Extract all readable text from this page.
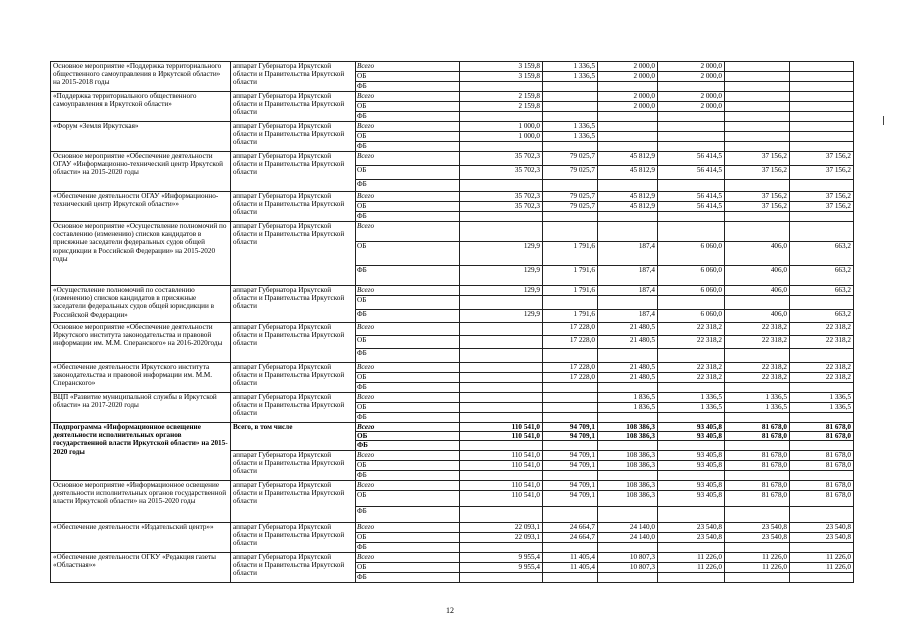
Основное мероприятие «Поддержка территориального общественного самоуправления в Иркутской области» на 2015-2018 годы	аппарат Губернатора Иркутской области и Правительства Иркутской области	Всего	3 159,8	1 336,5	2 000,0	2 000,0		
		ОБ	3 159,8	1 336,5	2 000,0	2 000,0		
		ФБ						
«Поддержка территориального общественного самоуправления в Иркутской области»	аппарат Губернатора Иркутской области и Правительства Иркутской области	Всего	2 159,8		2 000,0	2 000,0		
		ОБ	2 159,8		2 000,0	2 000,0		
		ФБ						
«Форум «Земля Иркутская»	аппарат Губернатора Иркутской области и Правительства Иркутской области	Всего	1 000,0	1 336,5				
		ОБ	1 000,0	1 336,5				
		ФБ						
Основное мероприятие «Обеспечение деятельности ОГАУ «Информационно-технический центр Иркутской области» на 2015-2020 годы	аппарат Губернатора Иркутской области и Правительства Иркутской области	Всего	35 702,3	79 025,7	45 812,9	56 414,5	37 156,2	37 156,2
		ОБ	35 702,3	79 025,7	45 812,9	56 414,5	37 156,2	37 156,2
		ФБ						
«Обеспечение деятельности ОГАУ «Информационно-технический центр Иркутской области»»	аппарат Губернатора Иркутской области и Правительства Иркутской области	Всего	35 702,3	79 025,7	45 812,9	56 414,5	37 156,2	37 156,2
		ОБ	35 702,3	79 025,7	45 812,9	56 414,5	37 156,2	37 156,2
		ФБ						
Основное мероприятие «Осуществление полномочий по составлению (изменению) списков кандидатов в присяжные заседатели федеральных судов общей юрисдикции в Российской Федерации» на 2015-2020 годы	аппарат Губернатора Иркутской области и Правительства Иркутской области	Всего						
		ОБ	129,9	1 791,6	187,4	6 060,0	406,0	663,2
		ФБ	129,9	1 791,6	187,4	6 060,0	406,0	663,2
«Осуществление полномочий по составлению (изменению) списков кандидатов в присяжные заседатели федеральных судов общей юрисдикции в Российской Федерации»	аппарат Губернатора Иркутской области и Правительства Иркутской области	Всего	129,9	1 791,6	187,4	6 060,0	406,0	663,2
		ОБ						
		ФБ	129,9	1 791,6	187,4	6 060,0	406,0	663,2
Основное мероприятие «Обеспечение деятельности Иркутского института законодательства и правовой информации им. М.М. Сперанского» на 2016-2020годы	аппарат Губернатора Иркутской области и Правительства Иркутской области	Всего		17 228,0	21 480,5	22 318,2	22 318,2	22 318,2
		ОБ		17 228,0	21 480,5	22 318,2	22 318,2	22 318,2
		ФБ						
«Обеспечение деятельности Иркутского института законодательства и правовой информации им. М.М. Сперанского»	аппарат Губернатора Иркутской области и Правительства Иркутской области	Всего		17 228,0	21 480,5	22 318,2	22 318,2	22 318,2
		ОБ		17 228,0	21 480,5	22 318,2	22 318,2	22 318,2
		ФБ						
ВЦП «Развитие муниципальной службы в Иркутской области» на 2017-2020 годы	аппарат Губернатора Иркутской области и Правительства Иркутской области	Всего			1 836,5	1 336,5	1 336,5	1 336,5
		ОБ			1 836,5	1 336,5	1 336,5	1 336,5
		ФБ						
Подпрограмма «Информационное освещение деятельности исполнительных органов государственной власти Иркутской области» на 2015-2020 годы	Всего, в том числе	Всего	110 541,0	94 709,1	108 386,3	93 405,8	81 678,0	81 678,0
		ОБ	110 541,0	94 709,1	108 386,3	93 405,8	81 678,0	81 678,0
		ФБ						
	аппарат Губернатора Иркутской области и Правительства Иркутской области	Всего	110 541,0	94 709,1	108 386,3	93 405,8	81 678,0	81 678,0
		ОБ	110 541,0	94 709,1	108 386,3	93 405,8	81 678,0	81 678,0
		ФБ						
Основное мероприятие «Информационное освещение деятельности исполнительных органов государственной власти Иркутской области» на 2015-2020 годы	аппарат Губернатора Иркутской области и Правительства Иркутской области	Всего	110 541,0	94 709,1	108 386,3	93 405,8	81 678,0	81 678,0
		ОБ	110 541,0	94 709,1	108 386,3	93 405,8	81 678,0	81 678,0
		ФБ						
«Обеспечение деятельности «Издательский центр»»	аппарат Губернатора Иркутской области и Правительства Иркутской области	Всего	22 093,1	24 664,7	24 140,0	23 540,8	23 540,8	23 540,8
		ОБ	22 093,1	24 664,7	24 140,0	23 540,8	23 540,8	23 540,8
		ФБ						
«Обеспечение деятельности ОГКУ «Редакция газеты «Областная»»	аппарат Губернатора Иркутской области и Правительства Иркутской области	Всего	9 955,4	11 405,4	10 807,3	11 226,0	11 226,0	11 226,0
		ОБ	9 955,4	11 405,4	10 807,3	11 226,0	11 226,0	11 226,0
		ФБ						
12
